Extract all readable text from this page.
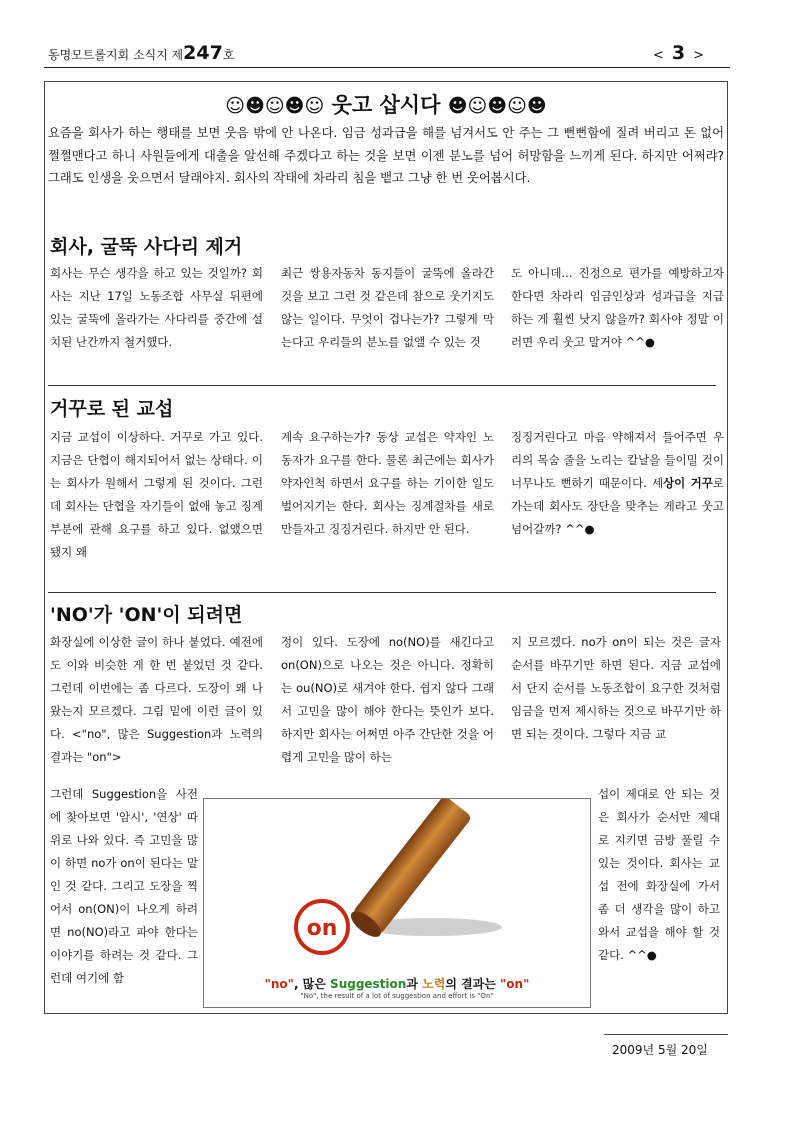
동명모트롤지회 소식지 제247호	< 3 >
☺☻☺☻☺ 웃고 삽시다 ☻☺☻☺☻
요즘을 회사가 하는 행태를 보면 웃음 밖에 안 나온다. 임금 성과급을 해를 넘겨서도 안 주는 그 뻔뻔함에 질려 버리고 돈 없어 쩔쩔맨다고 하니 사원들에게 대출을 알선해 주겠다고 하는 것을 보면 이젠 분노를 넘어 허망함을 느끼게 된다. 하지만 어쩌랴? 그래도 인생을 웃으면서 달래야지. 회사의 작태에 차라리 침을 뱉고 그냥 한 번 웃어봅시다.
회사, 굴뚝 사다리 제거
회사는 무슨 생각을 하고 있는 것일까? 회사는 지난 17일 노동조합 사무실 뒤편에 있는 굴뚝에 올라가는 사다리를 중간에 설치된 난간까지 철거했다.
최근 쌍용자동차 동지들이 굴뚝에 올라간 것을 보고 그런 것 같은데 참으로 웃기지도 않는 일이다. 무엇이 겁나는가? 그렇게 막는다고 우리들의 분노를 없앨 수 있는 것
도 아니데... 진정으로 편가를 예방하고자 한다면 차라리 임금인상과 성과급을 지급하는 게 훨씬 낫지 않을까? 회사야 정말 이러면 우리 웃고 말거야 ^^●
거꾸로 된 교섭
지금 교섭이 이상하다. 거꾸로 가고 있다. 지금은 단협이 해지되어서 없는 상태다. 이는 회사가 원해서 그렇게 된 것이다. 그런데 회사는 단협을 자기들이 없애 놓고 징계부분에 관해 요구를 하고 있다. 없앴으면 됐지 왜
계속 요구하는가? 동상 교섭은 약자인 노동자가 요구를 한다. 물론 최근에는 회사가 약자인척 하면서 요구를 하는 기이한 일도 벌어지기는 한다. 회사는 징계절차를 새로 만들자고 징징거린다. 하지만 안 된다.
징징거린다고 마음 약해져서 들어주면 우리의 목숨 줄을 노리는 칼날을 들이밀 것이 너무나도 뻔하기 때문이다. 세상이 거꾸로 가는데 회사도 장단을 맞추는 게라고 웃고 넘어갈까? ^^●
'NO'가 'ON'이 되려면
화장실에 이상한 글이 하나 붙었다. 예전에도 이와 비슷한 게 한 번 붙었던 것 같다. 그런데 이번에는 좀 다르다. 도장이 왜 나왔는지 모르겠다. 그림 밑에 이런 글이 있다. <"no", 많은 Suggestion과 노력의 결과는 "on">
그런데 Suggestion을 사전에 찾아보면 '암시', '연상' 따위로 나와 있다. 즉 고민을 많이 하면 no가 on이 된다는 말인 것 같다. 그리고 도장을 찍어서 on(ON)이 나오게 하려면 no(NO)라고 파야 한다는 이야기를 하려는 것 같다. 그런데 여기에 함
정이 있다. 도장에 no(NO)를 새긴다고 on(ON)으로 나오는 것은 아니다. 정확히는 ou(NO)로 새겨야 한다. 쉽지 않다 그래서 고민을 많이 해야 한다는 뜻인가 보다. 하지만 회사는 어쩌면 아주 간단한 것을 어렵게 고민을 많이 하는
지 모르겠다. no가 on이 되는 것은 글자 순서를 바꾸기만 하면 된다. 지금 교섭에서 단지 순서를 노동조합이 요구한 것처럼 임금을 먼저 제시하는 것으로 바꾸기만 하면 되는 것이다. 그렇다 지금 교
섭이 제대로 안 되는 것은 회사가 순서만 제대로 지키면 금방 풀릴 수 있는 것이다. 회사는 교섭 전에 화장실에 가서 좀 더 생각을 많이 하고 와서 교섭을 해야 할 것 같다. ^^●
on
"no", 많은 Suggestion과 노력의 결과는 "on"
"No", the result of a lot of suggestion and effort is "On"
2009년 5월 20일
